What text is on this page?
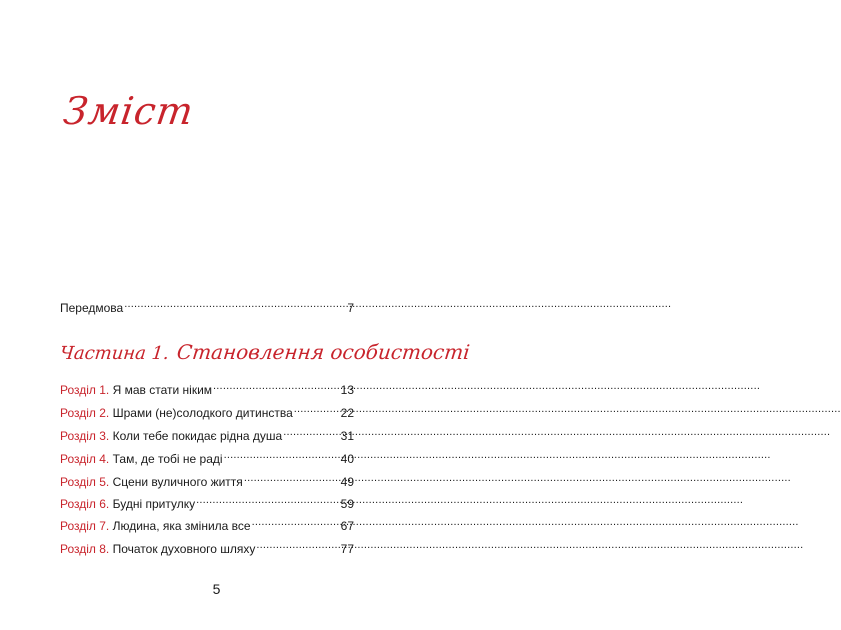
Зміст
Передмова .....	7
Частина 1. Становлення особистості
Розділ 1. Я мав стати ніким .....	13
Розділ 2. Шрами (не)солодкого дитинства .....	22
Розділ 3. Коли тебе покидає рідна душа .....	31
Розділ 4. Там, де тобі не раді .....	40
Розділ 5. Сцени вуличного життя .....	49
Розділ 6. Будні притулку .....	59
Розділ 7. Людина, яка змінила все .....	67
Розділ 8. Початок духовного шляху .....	77
5
